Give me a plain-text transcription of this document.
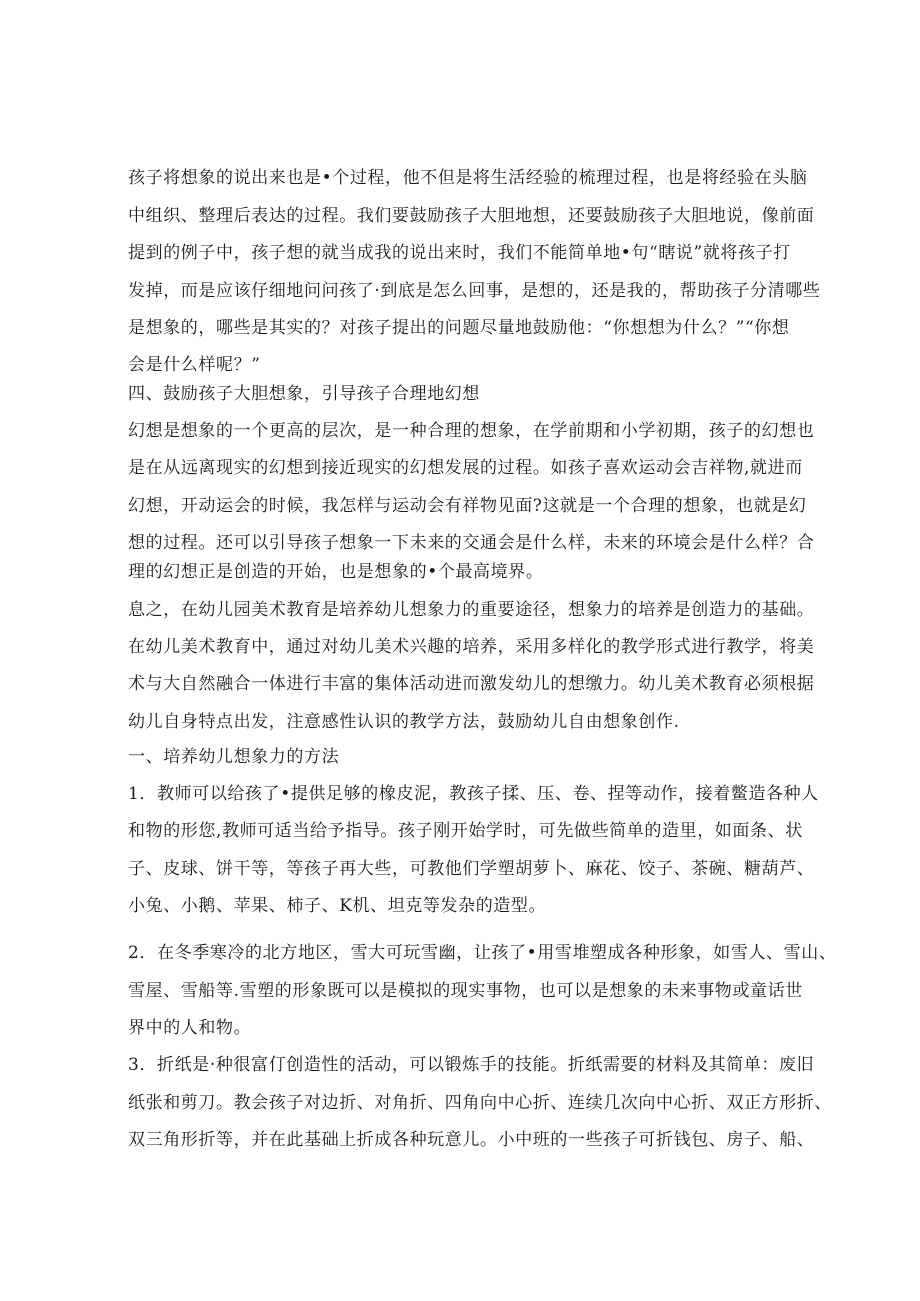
孩子将想象的说出来也是•个过程，他不但是将生活经验的梳理过程，也是将经验在头脑
中组织、整理后表达的过程。我们要鼓励孩子大胆地想，还要鼓励孩子大胆地说，像前面
提到的例子中，孩子想的就当成我的说出来时，我们不能简单地•句“瞎说”就将孩子打
发掉，而是应该仔细地问问孩了·到底是怎么回事，是想的，还是我的，帮助孩子分清哪些
是想象的，哪些是其实的？对孩子提出的问题尽量地鼓励他：“你想想为什么？”“你想
会是什么样呢？”
四、鼓励孩子大胆想象，引导孩子合理地幻想
幻想是想象的一个更高的层次，是一种合理的想象，在学前期和小学初期，孩子的幻想也
是在从远离现实的幻想到接近现实的幻想发展的过程。如孩子喜欢运动会吉祥物,就进而
幻想，开动运会的时候，我怎样与运动会有祥物见面?这就是一个合理的想象，也就是幻
想的过程。还可以引导孩子想象一下未来的交通会是什么样，未来的环境会是什么样？合
理的幻想正是创造的开始，也是想象的•个最高境界。
息之，在幼儿园美术教育是培养幼儿想象力的重要途径，想象力的培养是创造力的基础。
在幼儿美术教育中，通过对幼儿美术兴趣的培养，采用多样化的教学形式进行教学，将美
术与大自然融合一体进行丰富的集体活动进而激发幼儿的想缴力。幼儿美术教育必须根据
幼儿自身特点出发，注意感性认识的教学方法，鼓励幼儿自由想象创作.
一、培养幼儿想象力的方法
1．教师可以给孩了•提供足够的橡皮泥，教孩子揉、压、卷、捏等动作，接着鳖造各种人
和物的形您,教师可适当给予指导。孩子刚开始学时，可先做些简单的造里，如面条、状
子、皮球、饼干等，等孩子再大些，可教他们学塑胡萝卜、麻花、饺子、茶碗、糖葫芦、
小兔、小鹅、苹果、柿子、K机、坦克等发杂的造型。
2．在冬季寒冷的北方地区，雪大可玩雪幽，让孩了•用雪堆塑成各种形象，如雪人、雪山、
雪屋、雪船等.雪塑的形象既可以是模拟的现实事物，也可以是想象的未来事物或童话世
界中的人和物。
3．折纸是·种很富仃创造性的活动，可以锻炼手的技能。折纸需要的材料及其简单：废旧
纸张和剪刀。教会孩子对边折、对角折、四角向中心折、连续几次向中心折、双正方形折、
双三角形折等，并在此基础上折成各种玩意儿。小中班的一些孩子可折钱包、房子、船、
